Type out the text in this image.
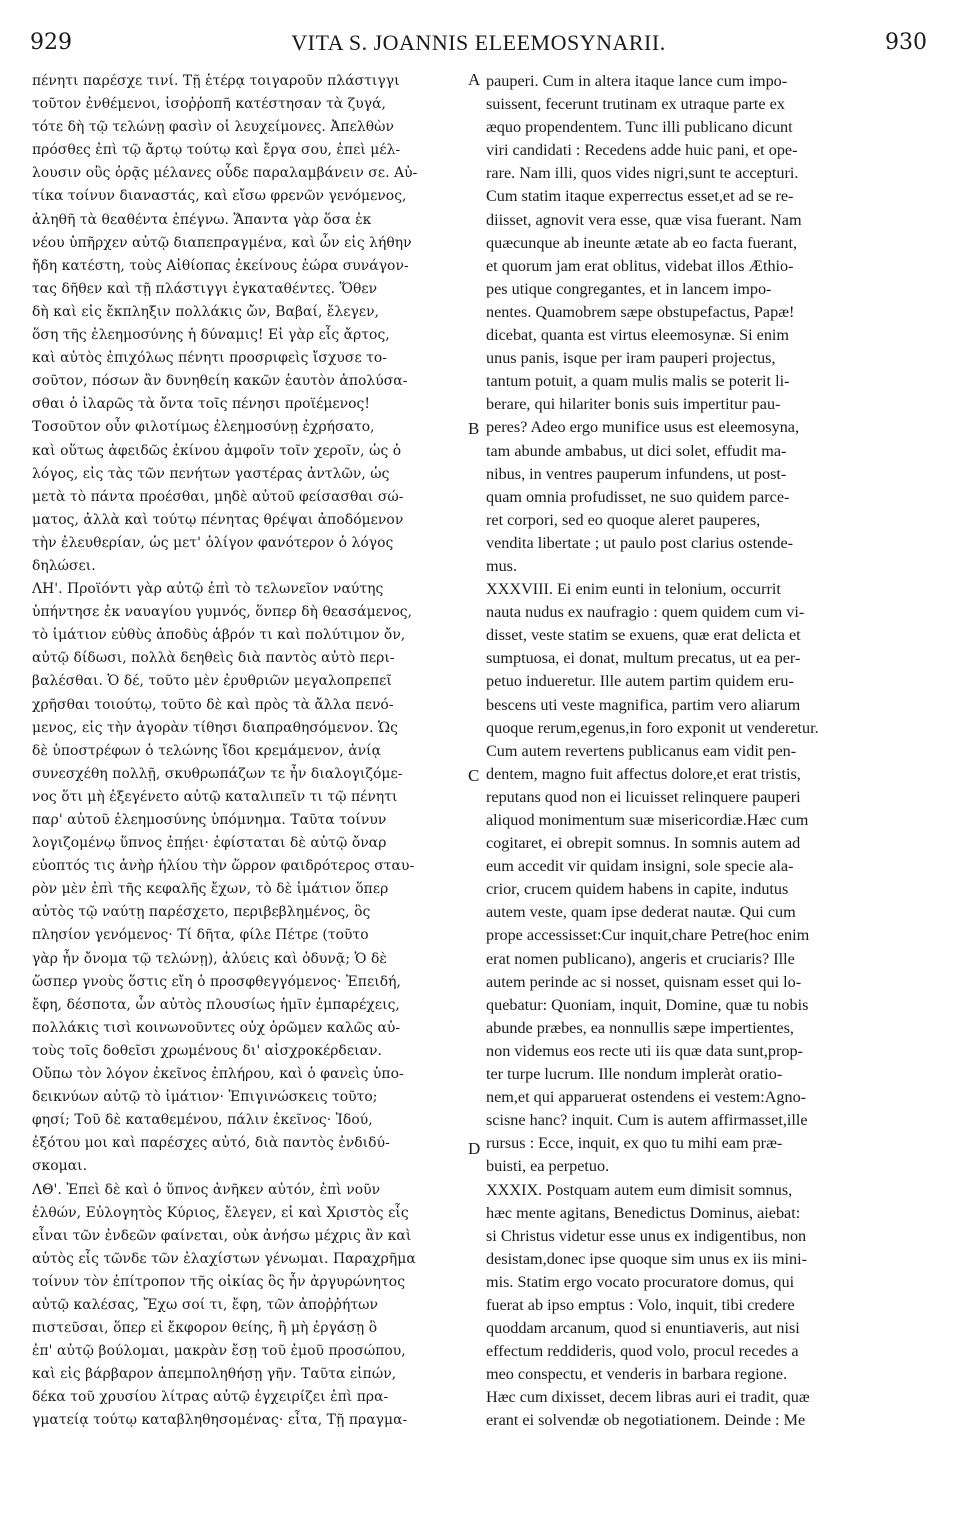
929	VITA S. JOANNIS ELEEMOSYNARII.	930
πένητι παρέσχε τινί. Τῇ ἑτέρᾳ τοιγαροῦν πλάστιγγι
τοῦτον ἐνθέμενοι, ἰσοῤῥοπῆ κατέστησαν τὰ ζυγά,
τότε δὴ τῷ τελώνῃ φασὶν οἱ λευχείμονες. Ἀπελθὼν
πρόσθες ἐπὶ τῷ ἄρτῳ τούτῳ καὶ ἔργα σου, ἐπεὶ μέλ-
λουσιν οὓς ὁρᾷς μέλανες οὗδε παραλαμβάνειν σε. Αὐ-
τίκα τοίνυν διαναστάς, καὶ εἴσω φρενῶν γενόμενος,
ἀληθῆ τὰ θεαθέντα ἐπέγνω. Ἅπαντα γὰρ ὅσα ἐκ
νέου ὑπῆρχεν αὐτῷ διαπεπραγμένα, καὶ ὧν εἰς λήθην
ἤδη κατέστη, τοὺς Αἰθίοπας ἐκείνους ἑώρα συνάγον-
τας δῆθεν καὶ τῇ πλάστιγγι ἐγκαταθέντες. Ὅθεν
δὴ καὶ εἰς ἔκπληξιν πολλάκις ὤν, Βαβαί, ἔλεγεν,
ὅση τῆς ἐλεημοσύνης ἡ δύναμις! Εἰ γὰρ εἷς ἄρτος,
καὶ αὐτὸς ἐπιχόλως πένητι προσριφεὶς ἴσχυσε το-
σοῦτον, πόσων ἂν δυνηθείη κακῶν ἑαυτὸν ἀπολύσα-
σθαι ὁ ἱλαρῶς τὰ ὄντα τοῖς πένησι προϊέμενος!
Τοσοῦτον οὖν φιλοτίμως ἐλεημοσύνῃ ἐχρήσατο,
καὶ οὕτως ἀφειδῶς ἐκίνου ἀμφοῖν τοῖν χεροῖν, ὡς ὁ
λόγος, εἰς τὰς τῶν πενήτων γαστέρας ἀντλῶν, ὡς
μετὰ τὸ πάντα προέσθαι, μηδὲ αὐτοῦ φείσασθαι σώ-
ματος, ἀλλὰ καὶ τούτῳ πένητας θρέψαι ἀποδόμενον
τὴν ἐλευθερίαν, ὡς μετ' ὀλίγον φανότερον ὁ λόγος
δηλώσει.
ΛΗ'. Προϊόντι γὰρ αὐτῷ ἐπὶ τὸ τελωνεῖον ναύτης
ὑπήντησε ἐκ ναυαγίου γυμνός, ὅνπερ δὴ θεασάμενος,
τὸ ἱμάτιον εὐθὺς ἀποδὺς ἁβρόν τι καὶ πολύτιμον ὄν,
αὐτῷ δίδωσι, πολλὰ δεηθεὶς διὰ παντὸς αὐτὸ περι-
βαλέσθαι. Ὁ δέ, τοῦτο μὲν ἐρυθριῶν μεγαλοπρεπεῖ
χρῆσθαι τοιούτῳ, τοῦτο δὲ καὶ πρὸς τὰ ἄλλα πενό-
μενος, εἰς τὴν ἀγορὰν τίθησι διαπραθησόμενον. Ὡς
δὲ ὑποστρέφων ὁ τελώνης ἴδοι κρεμάμενον, ἀνίᾳ
συνεσχέθη πολλῇ, σκυθρωπάζων τε ἦν διαλογιζόμε-
νος ὅτι μὴ ἐξεγένετο αὐτῷ καταλιπεῖν τι τῷ πένητι
παρ' αὐτοῦ ἐλεημοσύνης ὑπόμνημα. Ταῦτα τοίνυν
λογιζομένῳ ὕπνος ἐπῄει· ἐφίσταται δὲ αὐτῷ ὄναρ
εὐοπτός τις ἀνὴρ ἡλίου τὴν ὥρρον φαιδρότερος σταυ-
ρὸν μὲν ἐπὶ τῆς κεφαλῆς ἔχων, τὸ δὲ ἱμάτιον ὅπερ
αὐτὸς τῷ ναύτῃ παρέσχετο, περιβεβλημένος, ὃς
πλησίον γενόμενος· Τί δῆτα, φίλε Πέτρε (τοῦτο
γὰρ ἦν ὄνομα τῷ τελώνῃ), ἀλύεις καὶ ὀδυνᾷ; Ὁ δὲ
ὥσπερ γνοὺς ὅστις εἴη ὁ προσφθεγγόμενος· Ἐπειδή,
ἔφη, δέσποτα, ὧν αὐτὸς πλουσίως ἡμῖν ἐμπαρέχεις,
πολλάκις τισὶ κοινωνοῦντες οὐχ ὁρῶμεν καλῶς αὐ-
τοὺς τοῖς δοθεῖσι χρωμένους δι' αἰσχροκέρδειαν.
Οὔπω τὸν λόγον ἐκεῖνος ἐπλήρου, καὶ ὁ φανεὶς ὑπο-
δεικνύων αὐτῷ τὸ ἱμάτιον· Ἐπιγινώσκεις τοῦτο;
φησί; Τοῦ δὲ καταθεμένου, πάλιν ἐκεῖνος· Ἰδού,
ἐξότου μοι καὶ παρέσχες αὐτό, διὰ παντὸς ἐνδιδύ-
σκομαι.
ΛΘ'. Ἐπεὶ δὲ καὶ ὁ ὕπνος ἀνῆκεν αὐτόν, ἐπὶ νοῦν
ἐλθών, Εὐλογητὸς Κύριος, ἔλεγεν, εἰ καὶ Χριστὸς εἷς
εἶναι τῶν ἐνδεῶν φαίνεται, οὐκ ἀνήσω μέχρις ἂν καὶ
αὐτὸς εἷς τῶνδε τῶν ἐλαχίστων γένωμαι. Παραχρῆμα
τοίνυν τὸν ἐπίτροπον τῆς οἰκίας ὃς ἦν ἀργυρώνητος
αὐτῷ καλέσας, Ἔχω σοί τι, ἔφη, τῶν ἀποῤῥήτων
πιστεῦσαι, ὅπερ εἰ ἔκφορον θείης, ἢ μὴ ἐργάσῃ ὃ
ἐπ' αὐτῷ βούλομαι, μακρὰν ἔσῃ τοῦ ἐμοῦ προσώπου,
καὶ εἰς βάρβαρον ἀπεμποληθήσῃ γῆν. Ταῦτα εἰπών,
δέκα τοῦ χρυσίου λίτρας αὐτῷ ἐγχειρίζει ἐπὶ πρα-
γματείᾳ τούτῳ καταβληθησομένας· εἶτα, Τῇ πραγμα-
pauperi. Cum in altera itaque lance cum impo-
suissent, fecerunt trutinam ex utraque parte ex
æquo propendentem. Tunc illi publicano dicunt
viri candidati : Recedens adde huic pani, et ope-
rare. Nam illi, quos vides nigri,sunt te accepturi.
Cum statim itaque experrectus esset,et ad se re-
diisset, agnovit vera esse, quæ visa fuerant. Nam
quæcunque ab ineunte ætate ab eo facta fuerant,
et quorum jam erat oblitus, videbat illos Æthio-
pes utique congregantes, et in lancem impo-
nentes. Quamobrem sæpe obstupefactus, Papæ!
dicebat, quanta est virtus eleemosynæ. Si enim
unus panis, isque per iram pauperi projectus,
tantum potuit, a quam mulis malis se poterit li-
berare, qui hilariter bonis suis impertitur pau-
peres? Adeo ergo munifice usus est eleemosyna,
tam abunde ambabus, ut dici solet, effudit ma-
nibus, in ventres pauperum infundens, ut post-
quam omnia profudisset, ne suo quidem parce-
ret corpori, sed eo quoque aleret pauperes,
vendita libertate ; ut paulo post clarius ostende-
mus.
XXXVIII. Ei enim eunti in telonium, occurrit
nauta nudus ex naufragio : quem quidem cum vi-
disset, veste statim se exuens, quæ erat delicta et
sumptuosa, ei donat, multum precatus, ut ea per-
petuo indueretur. Ille autem partim quidem eru-
bescens uti veste magnifica, partim vero aliarum
quoque rerum,egenus,in foro exponit ut venderetur.
Cum autem revertens publicanus eam vidit pen-
dentem, magno fuit affectus dolore,et erat tristis,
reputans quod non ei licuisset relinquere pauperi
aliquod monimentum suæ misericordiæ.Hæc cum
cogitaret, ei obrepit somnus. In somnis autem ad
eum accedit vir quidam insigni, sole specie ala-
crior, crucem quidem habens in capite, indutus
autem veste, quam ipse dederat nautæ. Qui cum
prope accessisset:Cur inquit,chare Petre(hoc enim
erat nomen publicano), angeris et cruciaris? Ille
autem perinde ac si nosset, quisnam esset qui lo-
quebatur: Quoniam, inquit, Domine, quæ tu nobis
abunde præbes, ea nonnullis sæpe impertientes,
non videmus eos recte uti iis quæ data sunt,prop-
ter turpe lucrum. Ille nondum impleràt oratio-
nem,et qui apparuerat ostendens ei vestem:Agno-
scisne hanc? inquit. Cum is autem affirmasset,ille
rursus : Ecce, inquit, ex quo tu mihi eam præ-
buisti, ea perpetuo.
XXXIX. Postquam autem eum dimisit somnus,
hæc mente agitans, Benedictus Dominus, aiebat:
si Christus videtur esse unus ex indigentibus, non
desistam,donec ipse quoque sim unus ex iis mini-
mis. Statim ergo vocato procuratore domus, qui
fuerat ab ipso emptus : Volo, inquit, tibi credere
quoddam arcanum, quod si enuntiaveris, aut nisi
effectum reddideris, quod volo, procul recedes a
meo conspectu, et venderis in barbara regione.
Hæc cum dixisset, decem libras auri ei tradit, quæ
erant ei solvendæ ob negotiationem. Deinde : Me
A
B
C
D
